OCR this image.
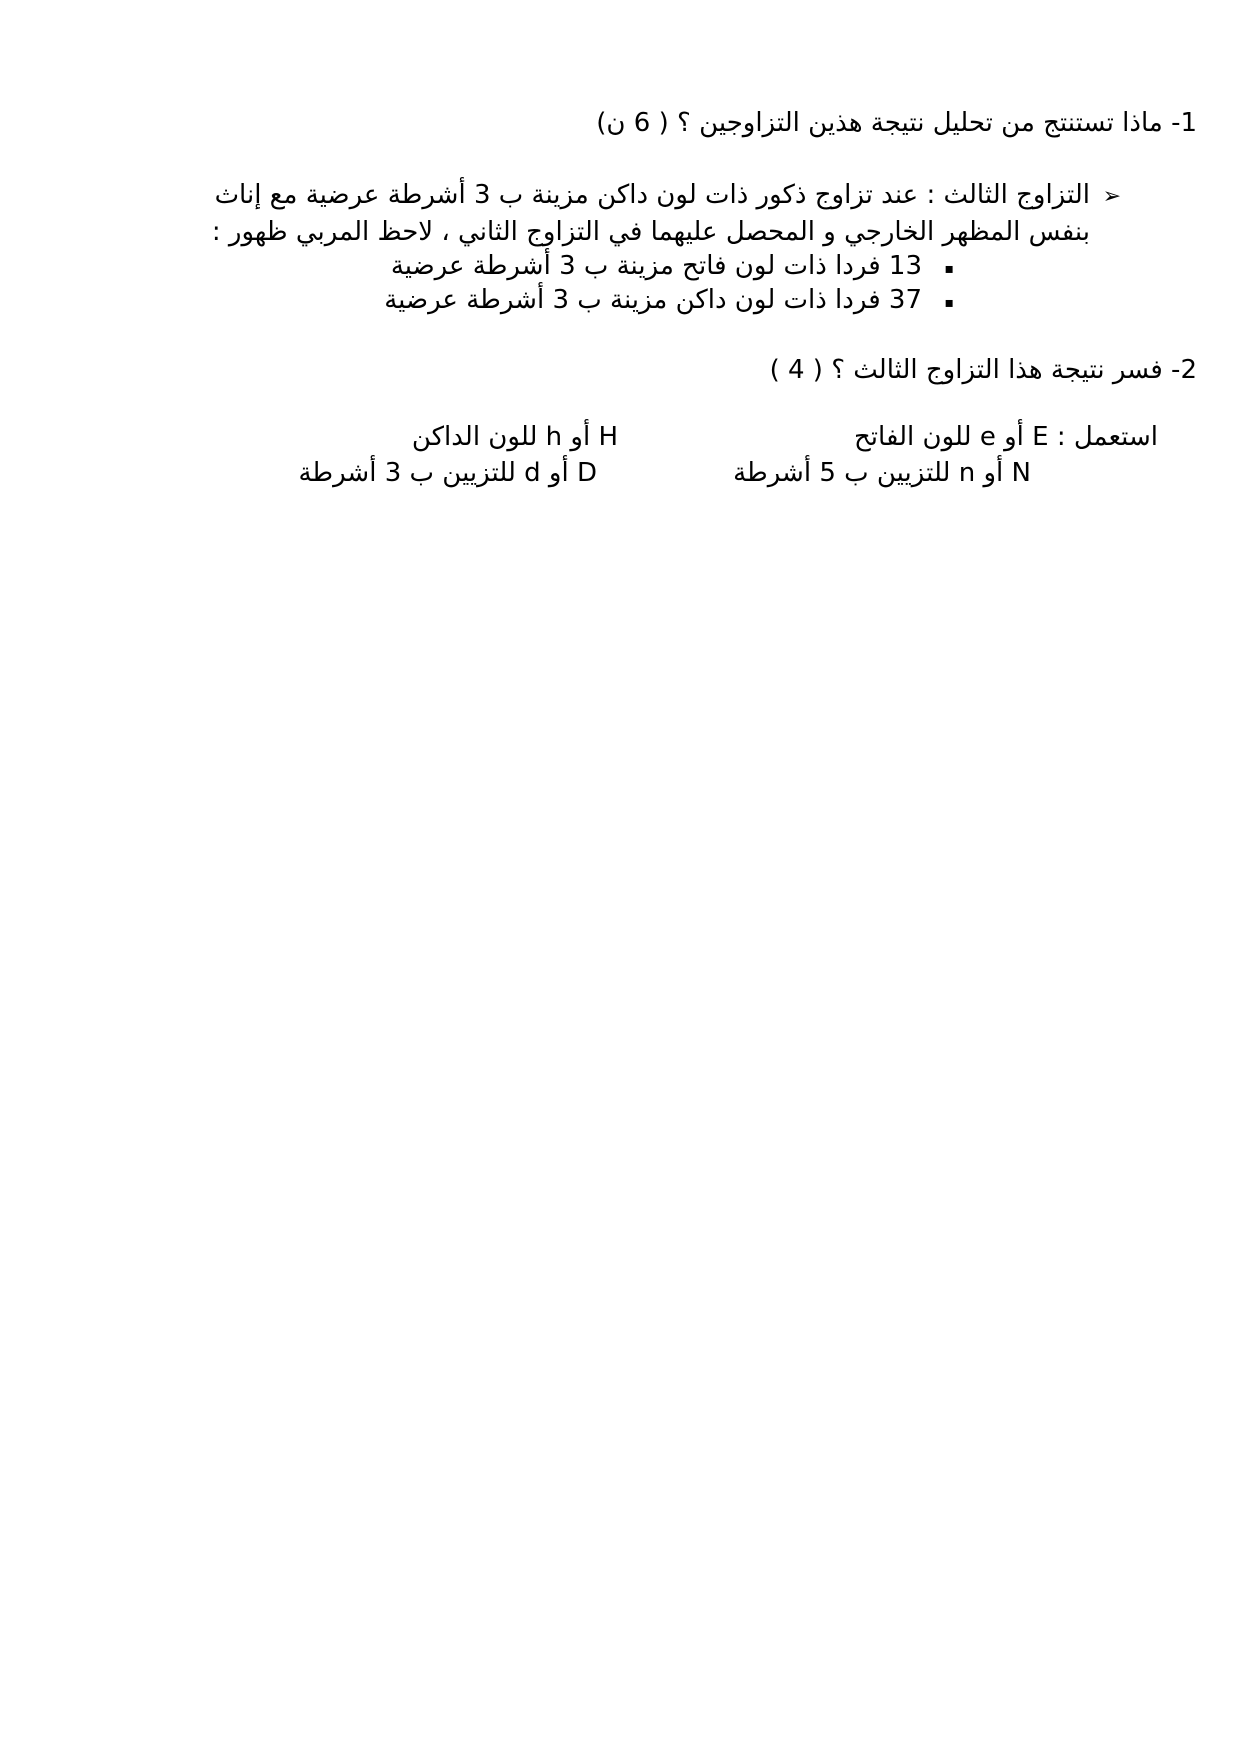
1- ماذا تستنتج من تحليل نتيجة هذين التزاوجين ؟ ( 6 ن)
➢
التزاوج الثالث : عند تزاوج ذكور ذات لون داكن مزينة ب 3 أشرطة عرضية مع إناث
بنفس المظهر الخارجي و المحصل عليهما في التزاوج الثاني ، لاحظ المربي ظهور :
▪
13 فردا ذات لون فاتح مزينة ب 3 أشرطة عرضية
▪
37 فردا ذات لون داكن مزينة ب 3 أشرطة عرضية
2- فسر نتيجة هذا التزاوج الثالث ؟ ( 4 )
استعمل : E أو e للون الفاتح
H أو h للون الداكن
D أو d للتزيين ب 3 أشرطة	N أو n للتزيين ب 5 أشرطة
